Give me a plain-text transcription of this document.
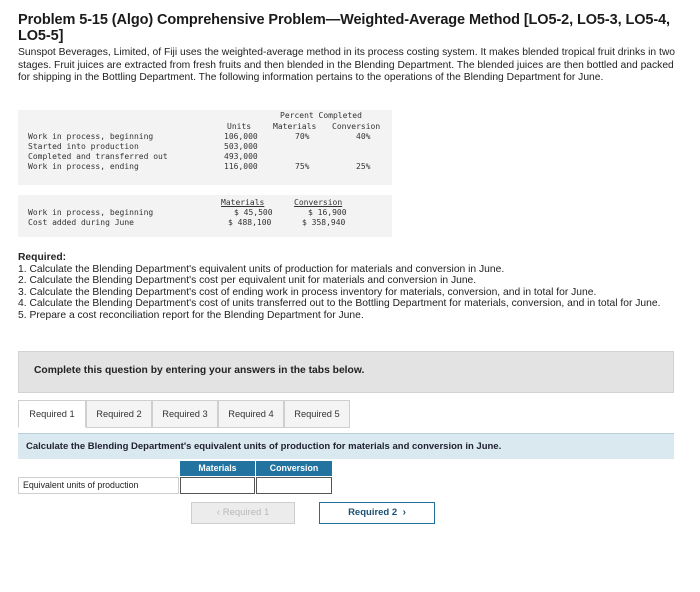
Problem 5-15 (Algo) Comprehensive Problem—Weighted-Average Method [LO5-2, LO5-3, LO5-4, LO5-5]
Sunspot Beverages, Limited, of Fiji uses the weighted-average method in its process costing system. It makes blended tropical fruit drinks in two stages. Fruit juices are extracted from fresh fruits and then blended in the Blending Department. The blended juices are then bottled and packed for shipping in the Bottling Department. The following information pertains to the operations of the Blending Department for June.
Percent Completed
Units	Materials Conversion
Work in process, beginning	106,000	70%	40%
Started into production	503,000
Completed and transferred out	493,000
Work in process, ending	116,000	75%	25%
Materials	Conversion
Work in process, beginning	$ 45,500	$ 16,900
Cost added during June	$ 488,100	$ 358,940
Required:
1. Calculate the Blending Department's equivalent units of production for materials and conversion in June.
2. Calculate the Blending Department's cost per equivalent unit for materials and conversion in June.
3. Calculate the Blending Department's cost of ending work in process inventory for materials, conversion, and in total for June.
4. Calculate the Blending Department's cost of units transferred out to the Bottling Department for materials, conversion, and in total for June.
5. Prepare a cost reconciliation report for the Blending Department for June.
Complete this question by entering your answers in the tabs below.
Required 1	Required 2	Required 3	Required 4	Required 5
Calculate the Blending Department's equivalent units of production for materials and conversion in June.
Materials	Conversion
Equivalent units of production
‹ Required 1	Required 2  ›
